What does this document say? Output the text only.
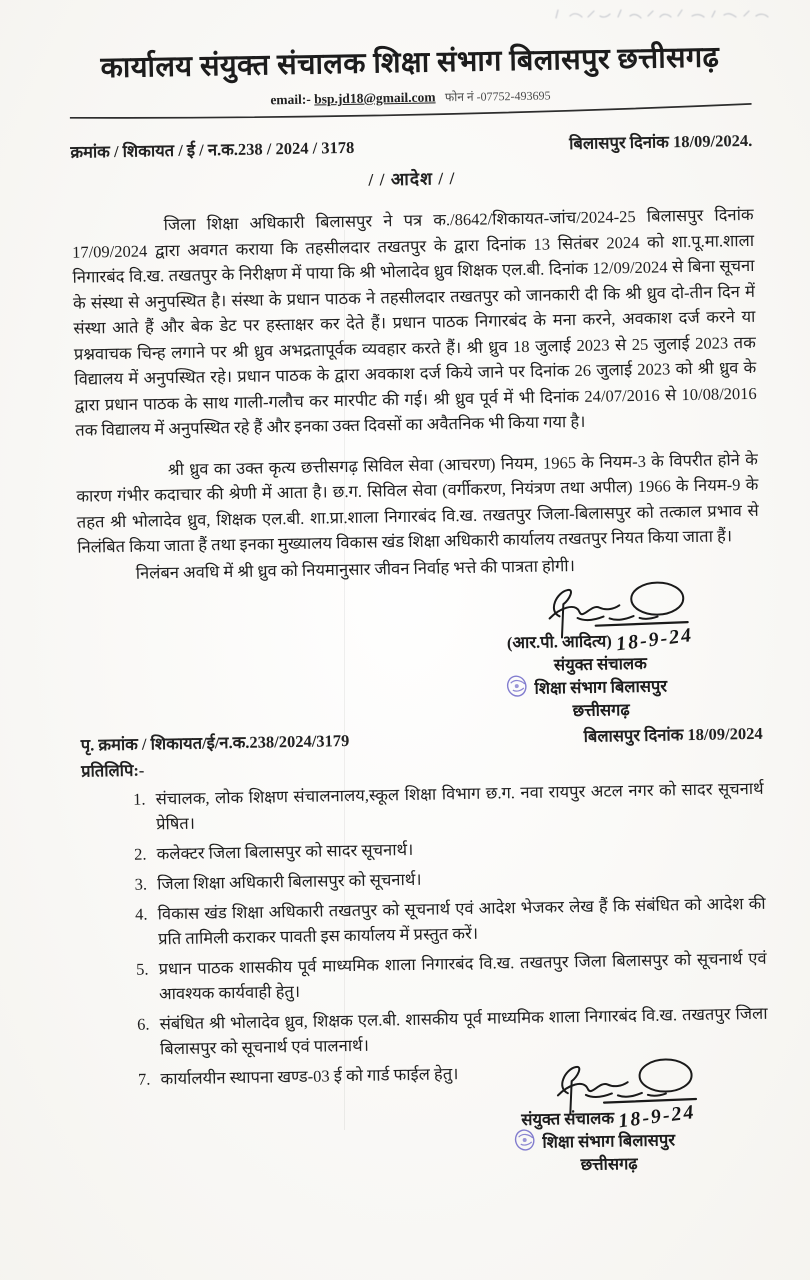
कार्यालय संयुक्त संचालक शिक्षा संभाग बिलासपुर छत्तीसगढ़
email:- bsp.jd18@gmail.com फोन नं -07752-493695
क्रमांक / शिकायत / ई / न.क.238 / 2024 / 3178	बिलासपुर दिनांक 18/09/2024.
/ / आदेश / /

जिला शिक्षा अधिकारी बिलासपुर ने पत्र क./8642/शिकायत-जांच/2024-25 बिलासपुर दिनांक 17/09/2024 द्वारा अवगत कराया कि तहसीलदार तखतपुर के द्वारा दिनांक 13 सितंबर 2024 को शा.पू.मा.शाला निगारबंद वि.ख. तखतपुर के निरीक्षण में पाया कि श्री भोलादेव ध्रुव शिक्षक एल.बी. दिनांक 12/09/2024 से बिना सूचना के संस्था से अनुपस्थित है। संस्था के प्रधान पाठक ने तहसीलदार तखतपुर को जानकारी दी कि श्री ध्रुव दो-तीन दिन में संस्था आते हैं और बेक डेट पर हस्ताक्षर कर देते हैं। प्रधान पाठक निगारबंद के मना करने, अवकाश दर्ज करने या प्रश्नवाचक चिन्ह लगाने पर श्री ध्रुव अभद्रतापूर्वक व्यवहार करते हैं। श्री ध्रुव 18 जुलाई 2023 से 25 जुलाई 2023 तक विद्यालय में अनुपस्थित रहे। प्रधान पाठक के द्वारा अवकाश दर्ज किये जाने पर दिनांक 26 जुलाई 2023 को श्री ध्रुव के द्वारा प्रधान पाठक के साथ गाली-गलौच कर मारपीट की गई। श्री ध्रुव पूर्व में भी दिनांक 24/07/2016 से 10/08/2016 तक विद्यालय में अनुपस्थित रहे हैं और इनका उक्त दिवसों का अवैतनिक भी किया गया है।

श्री ध्रुव का उक्त कृत्य छत्तीसगढ़ सिविल सेवा (आचरण) नियम, 1965 के नियम-3 के विपरीत होने के कारण गंभीर कदाचार की श्रेणी में आता है। छ.ग. सिविल सेवा (वर्गीकरण, नियंत्रण तथा अपील) 1966 के नियम-9 के तहत श्री भोलादेव ध्रुव, शिक्षक एल.बी. शा.प्रा.शाला निगारबंद वि.ख. तखतपुर जिला-बिलासपुर को तत्काल प्रभाव से निलंबित किया जाता हैं तथा इनका मुख्यालय विकास खंड शिक्षा अधिकारी कार्यालय तखतपुर नियत किया जाता हैं।

निलंबन अवधि में श्री ध्रुव को नियमानुसार जीवन निर्वाह भत्ते की पात्रता होगी।

(आर.पी. आदित्य) 18-9-24
संयुक्त संचालक
शिक्षा संभाग बिलासपुर
छत्तीसगढ़
पृ. क्रमांक / शिकायत/ई/न.क.238/2024/3179	बिलासपुर दिनांक 18/09/2024
प्रतिलिपि:-
1. संचालक, लोक शिक्षण संचालनालय,स्कूल शिक्षा विभाग छ.ग. नवा रायपुर अटल नगर को सादर सूचनार्थ प्रेषित।
2. कलेक्टर जिला बिलासपुर को सादर सूचनार्थ।
3. जिला शिक्षा अधिकारी बिलासपुर को सूचनार्थ।
4. विकास खंड शिक्षा अधिकारी तखतपुर को सूचनार्थ एवं आदेश भेजकर लेख हैं कि संबंधित को आदेश की प्रति तामिली कराकर पावती इस कार्यालय में प्रस्तुत करें।
5. प्रधान पाठक शासकीय पूर्व माध्यमिक शाला निगारबंद वि.ख. तखतपुर जिला बिलासपुर को सूचनार्थ एवं आवश्यक कार्यवाही हेतु।
6. संबंधित श्री भोलादेव ध्रुव, शिक्षक एल.बी. शासकीय पूर्व माध्यमिक शाला निगारबंद वि.ख. तखतपुर जिला बिलासपुर को सूचनार्थ एवं पालनार्थ।
7. कार्यालयीन स्थापना खण्ड-03 ई को गार्ड फाईल हेतु।
संयुक्त संचालक 18-9-24
शिक्षा संभाग बिलासपुर
छत्तीसगढ़
